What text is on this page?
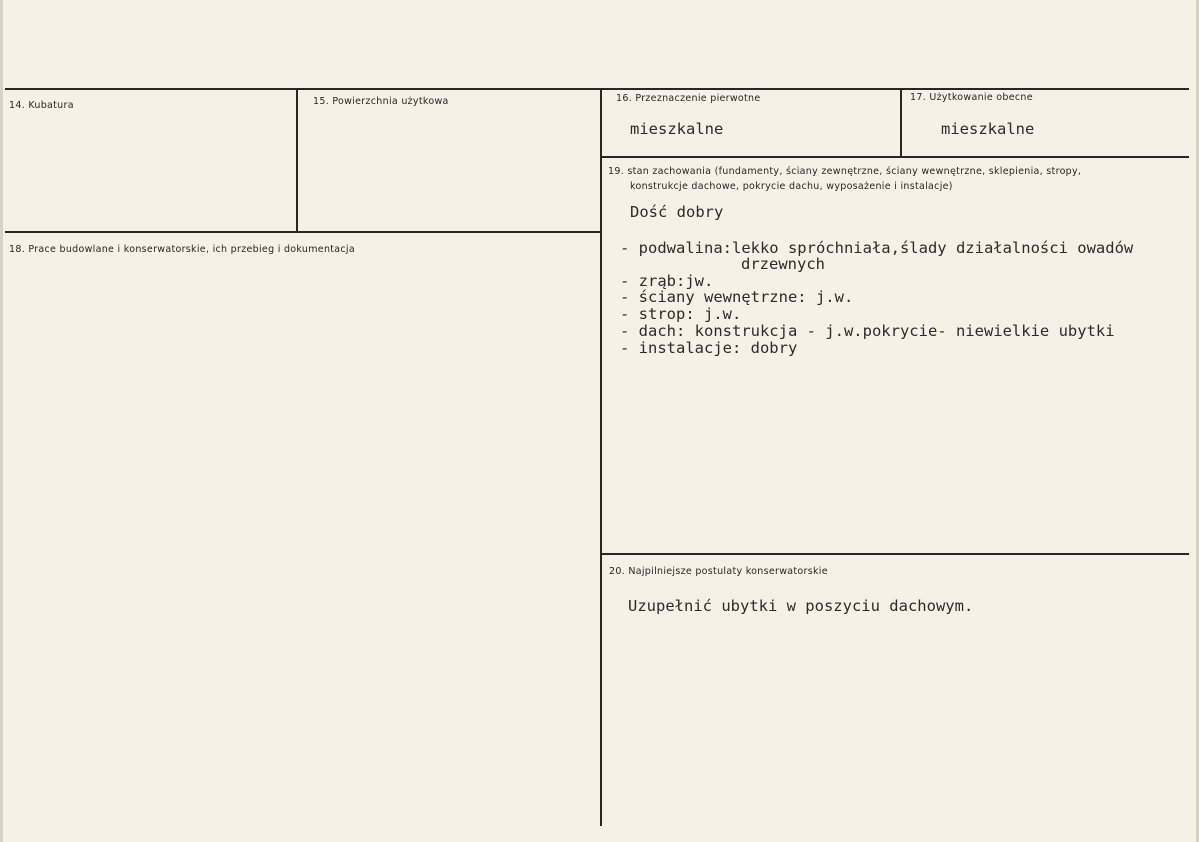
14. Kubatura	15. Powierzchnia użytkowa	16. Przeznaczenie pierwotne
mieszkalne
17. Użytkowanie obecne
mieszkalne
18. Prace budowlane i konserwatorskie, ich przebieg i dokumentacja
19. stan zachowania (fundamenty, ściany zewnętrzne, ściany wewnętrzne, sklepienia, stropy,
konstrukcje dachowe, pokrycie dachu, wyposażenie i instalacje)
Dość dobry
- podwalina:lekko spróchniała,ślady działalności owadów
drzewnych
- zrąb:jw.
- ściany wewnętrzne: j.w.
- strop: j.w.
- dach: konstrukcja - j.w.pokrycie- niewielkie ubytki
- instalacje: dobry
20. Najpilniejsze postulaty konserwatorskie
Uzupełnić ubytki w poszyciu dachowym.
